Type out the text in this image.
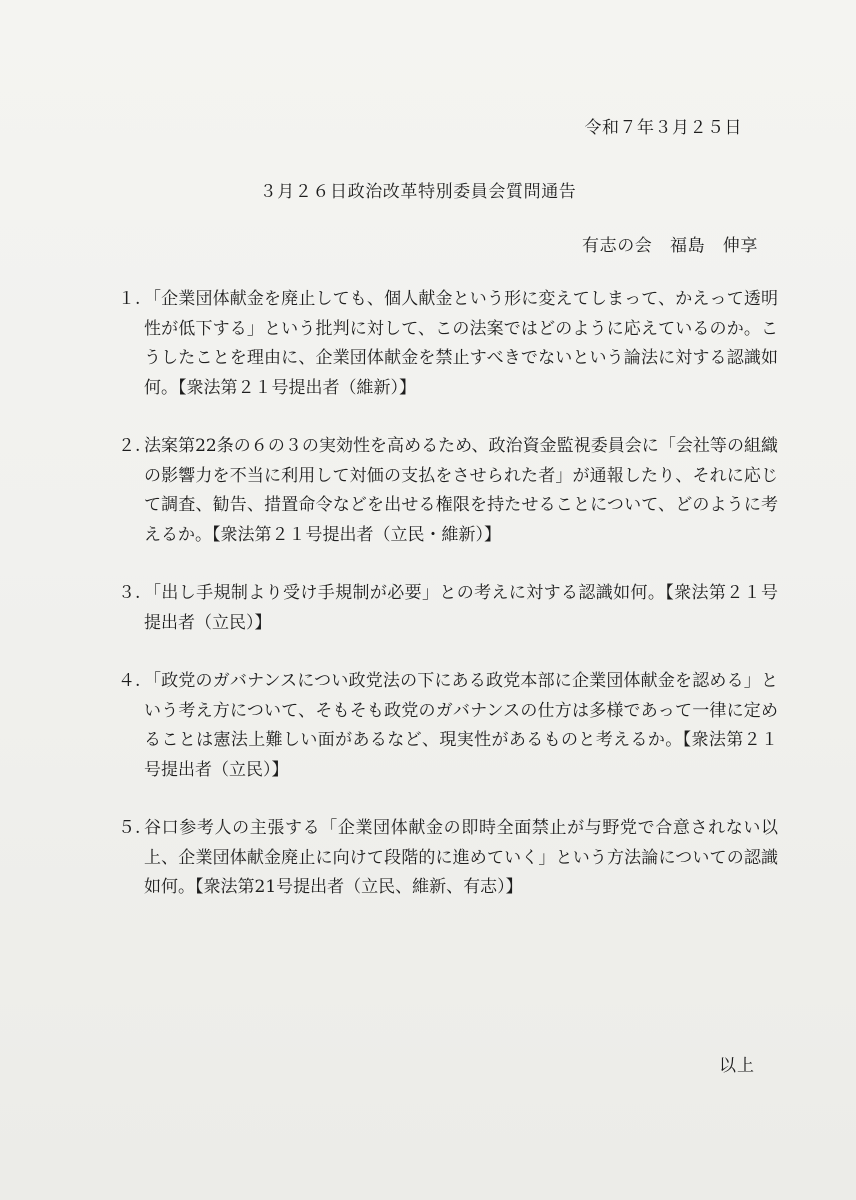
令和７年３月２５日
３月２６日政治改革特別委員会質問通告
有志の会　福島　伸享
１. 「企業団体献金を廃止しても、個人献金という形に変えてしまって、かえって透明性が低下する」という批判に対して、この法案ではどのように応えているのか。こうしたことを理由に、企業団体献金を禁止すべきでないという論法に対する認識如何。【衆法第２１号提出者（維新）】
２. 法案第22条の６の３の実効性を高めるため、政治資金監視委員会に「会社等の組織の影響力を不当に利用して対価の支払をさせられた者」が通報したり、それに応じて調査、勧告、措置命令などを出せる権限を持たせることについて、どのように考えるか。【衆法第２１号提出者（立民・維新）】
３. 「出し手規制より受け手規制が必要」との考えに対する認識如何。【衆法第２１号提出者（立民）】
４. 「政党のガバナンスについ政党法の下にある政党本部に企業団体献金を認める」という考え方について、そもそも政党のガバナンスの仕方は多様であって一律に定めることは憲法上難しい面があるなど、現実性があるものと考えるか。【衆法第２１号提出者（立民）】
５. 谷口参考人の主張する「企業団体献金の即時全面禁止が与野党で合意されない以上、企業団体献金廃止に向けて段階的に進めていく」という方法論についての認識如何。【衆法第21号提出者（立民、維新、有志）】
以上
